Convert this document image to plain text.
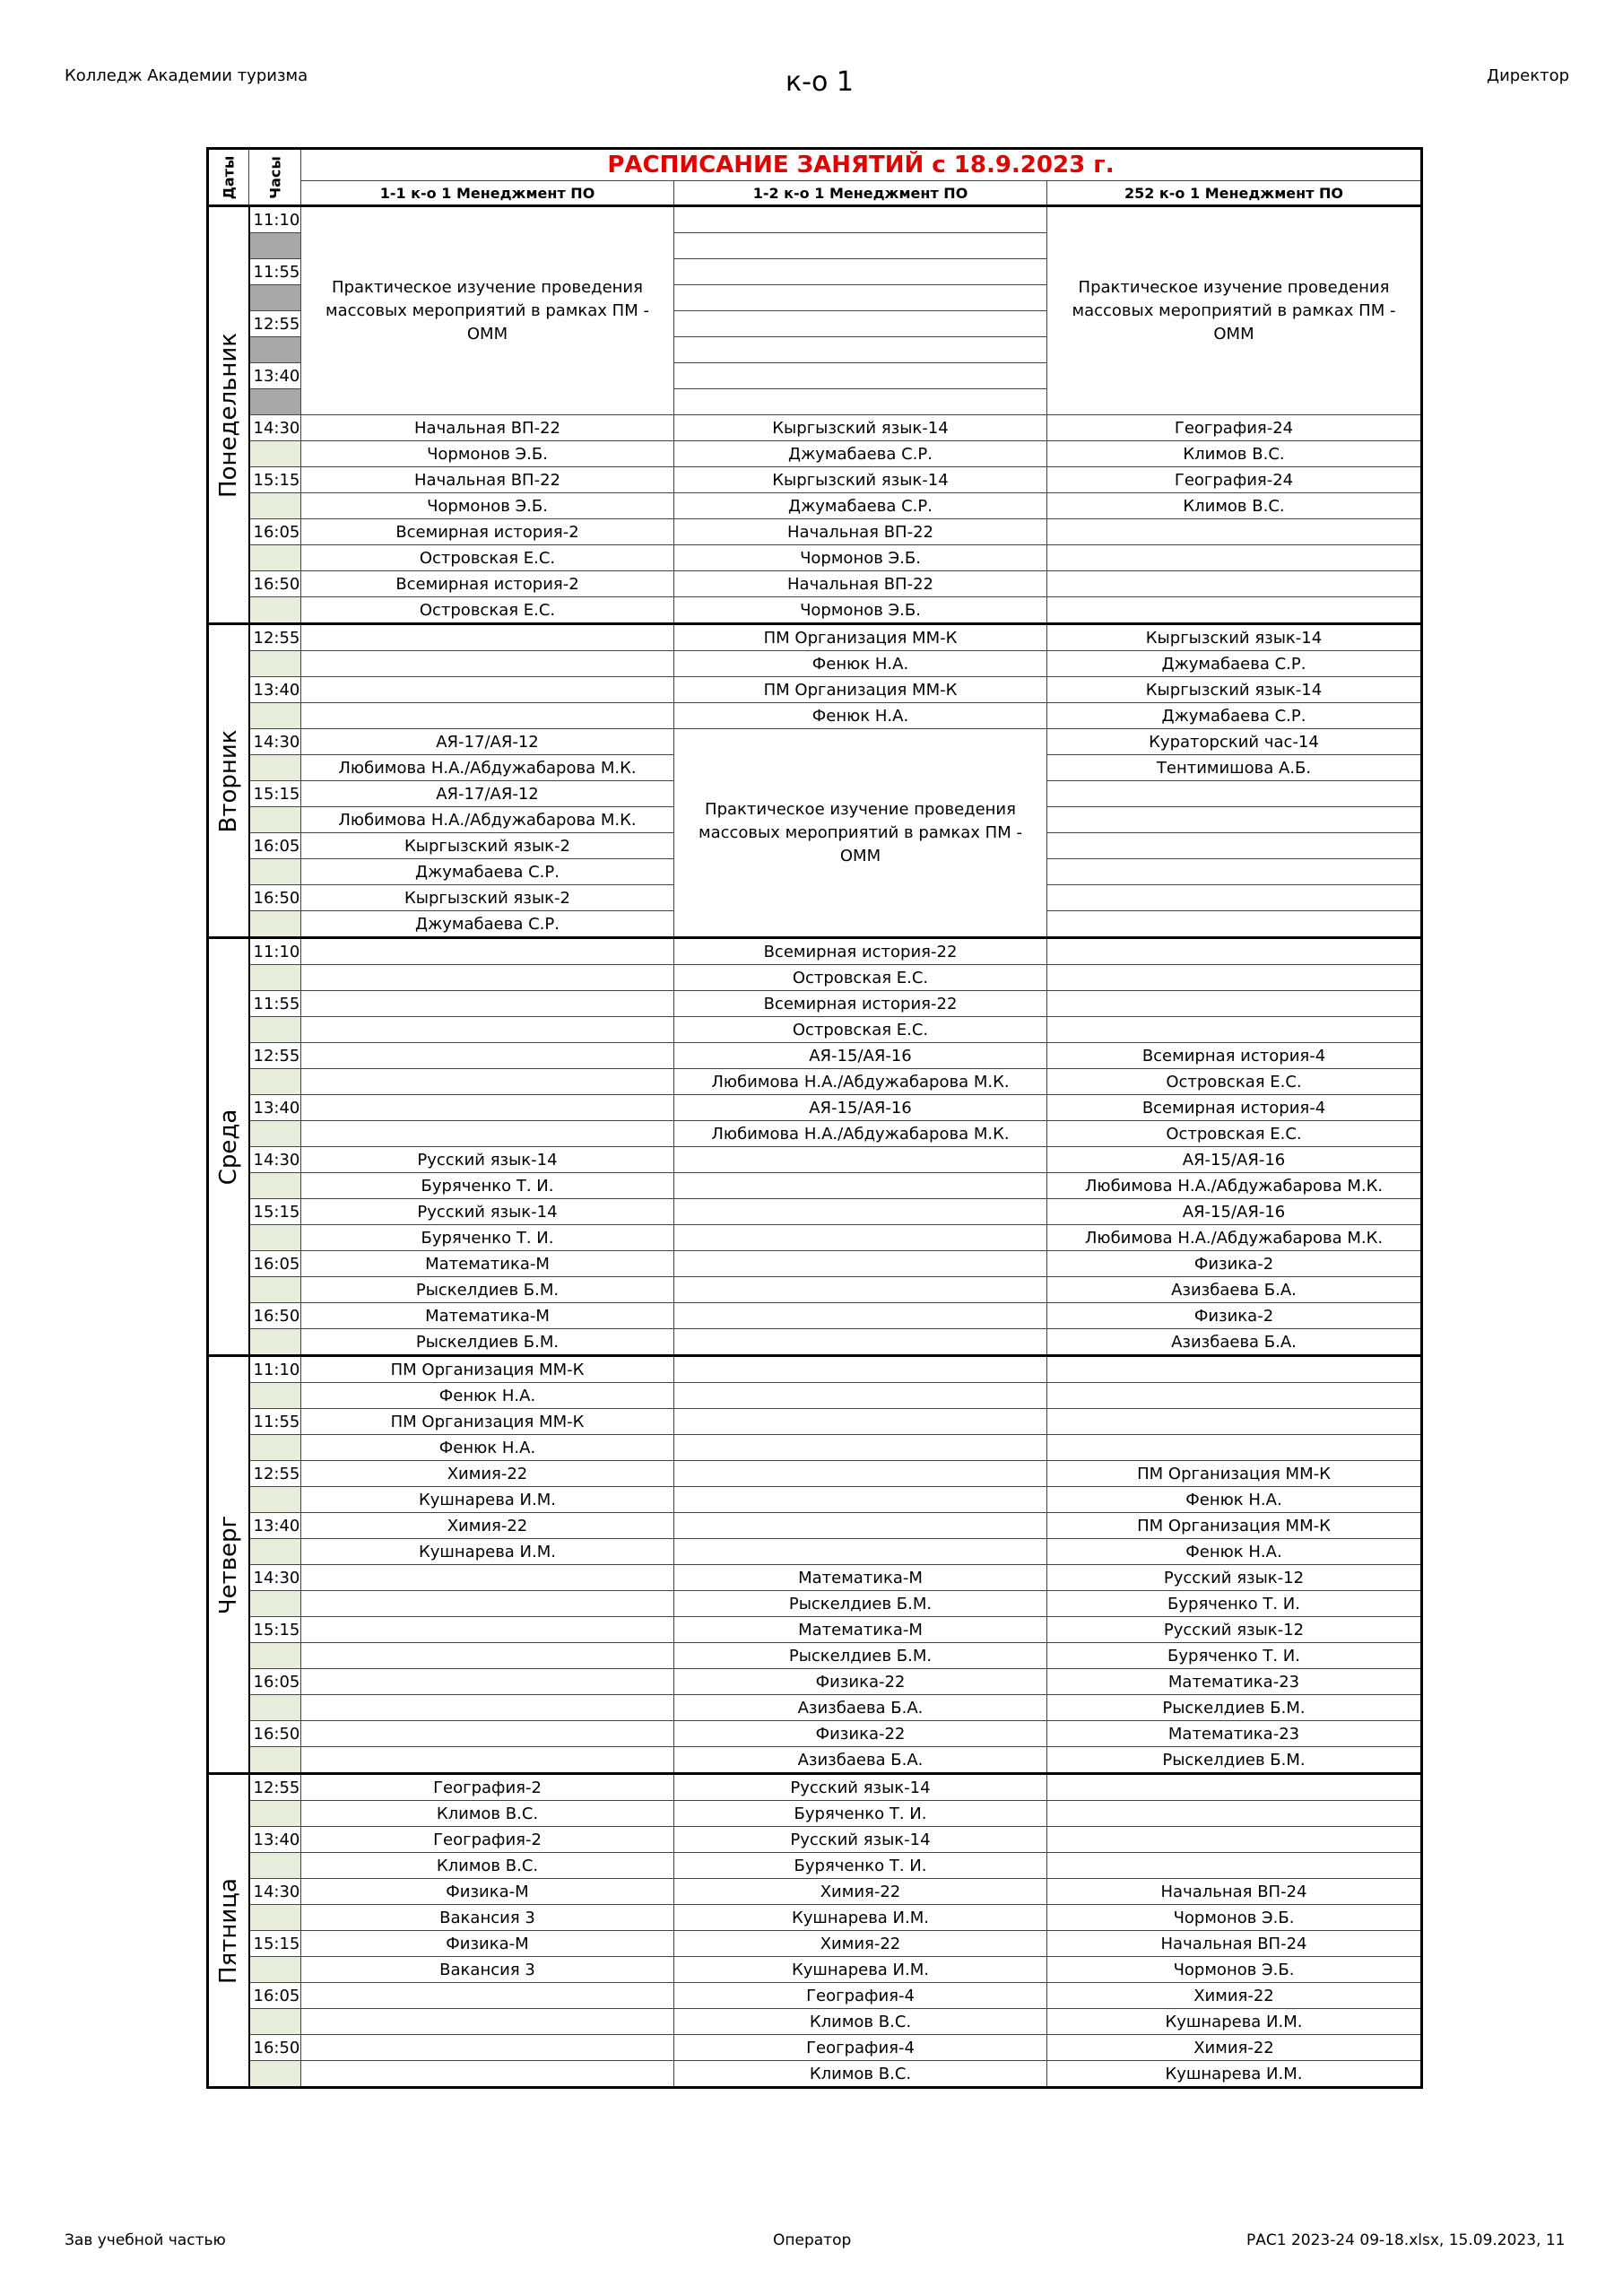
Колледж Академии туризма	к-о 1	Директор
Даты	Часы	РАСПИСАНИЕ ЗАНЯТИЙ с 18.9.2023 г.		
		1-1 к-о 1 Менеджмент ПО	1-2 к-о 1 Менеджмент ПО	252 к-о 1 Менеджмент ПО

Понедельник	11:10	Практическое изучение проведения массовых мероприятий в рамках ПМ - ОММ		Практическое изучение проведения массовых мероприятий в рамках ПМ - ОММ

	11:55			

	12:55			

	13:40			

	14:30	Начальная ВП-22	Кыргызский язык-14	География-24
		Чормонов Э.Б.	Джумабаева С.Р.	Климов В.С.
	15:15	Начальная ВП-22	Кыргызский язык-14	География-24
		Чормонов Э.Б.	Джумабаева С.Р.	Климов В.С.
	16:05	Всемирная история-2	Начальная ВП-22	
		Островская Е.С.	Чормонов Э.Б.	
	16:50	Всемирная история-2	Начальная ВП-22	
		Островская Е.С.	Чормонов Э.Б.	

Вторник	12:55		ПМ Организация ММ-К	Кыргызский язык-14
			Фенюк Н.А.	Джумабаева С.Р.
	13:40		ПМ Организация ММ-К	Кыргызский язык-14
			Фенюк Н.А.	Джумабаева С.Р.
	14:30	АЯ-17/АЯ-12	Практическое изучение проведения массовых мероприятий в рамках ПМ - ОММ	Кураторский час-14
		Любимова Н.А./Абдужабарова М.К.		Тентимишова А.Б.
	15:15	АЯ-17/АЯ-12		
		Любимова Н.А./Абдужабарова М.К.		
	16:05	Кыргызский язык-2		
		Джумабаева С.Р.		
	16:50	Кыргызский язык-2		
		Джумабаева С.Р.		

Среда	11:10		Всемирная история-22	
			Островская Е.С.	
	11:55		Всемирная история-22	
			Островская Е.С.	
	12:55		АЯ-15/АЯ-16	Всемирная история-4
			Любимова Н.А./Абдужабарова М.К.	Островская Е.С.
	13:40		АЯ-15/АЯ-16	Всемирная история-4
			Любимова Н.А./Абдужабарова М.К.	Островская Е.С.
	14:30	Русский язык-14		АЯ-15/АЯ-16
		Буряченко Т. И.		Любимова Н.А./Абдужабарова М.К.
	15:15	Русский язык-14		АЯ-15/АЯ-16
		Буряченко Т. И.		Любимова Н.А./Абдужабарова М.К.
	16:05	Математика-М		Физика-2
		Рыскелдиев Б.М.		Азизбаева Б.А.
	16:50	Математика-М		Физика-2
		Рыскелдиев Б.М.		Азизбаева Б.А.

Четверг	11:10	ПМ Организация ММ-К		
		Фенюк Н.А.		
	11:55	ПМ Организация ММ-К		
		Фенюк Н.А.		
	12:55	Химия-22		ПМ Организация ММ-К
		Кушнарева И.М.		Фенюк Н.А.
	13:40	Химия-22		ПМ Организация ММ-К
		Кушнарева И.М.		Фенюк Н.А.
	14:30		Математика-М	Русский язык-12
			Рыскелдиев Б.М.	Буряченко Т. И.
	15:15		Математика-М	Русский язык-12
			Рыскелдиев Б.М.	Буряченко Т. И.
	16:05		Физика-22	Математика-23
			Азизбаева Б.А.	Рыскелдиев Б.М.
	16:50		Физика-22	Математика-23
			Азизбаева Б.А.	Рыскелдиев Б.М.

Пятница	12:55	География-2	Русский язык-14	
		Климов В.С.	Буряченко Т. И.	
	13:40	География-2	Русский язык-14	
		Климов В.С.	Буряченко Т. И.	
	14:30	Физика-М	Химия-22	Начальная ВП-24
		Вакансия 3	Кушнарева И.М.	Чормонов Э.Б.
	15:15	Физика-М	Химия-22	Начальная ВП-24
		Вакансия 3	Кушнарева И.М.	Чормонов Э.Б.
	16:05		География-4	Химия-22
			Климов В.С.	Кушнарева И.М.
	16:50		География-4	Химия-22
			Климов В.С.	Кушнарева И.М.
Зав учебной частью	Оператор	РАС1 2023-24 09-18.xlsx, 15.09.2023, 11
